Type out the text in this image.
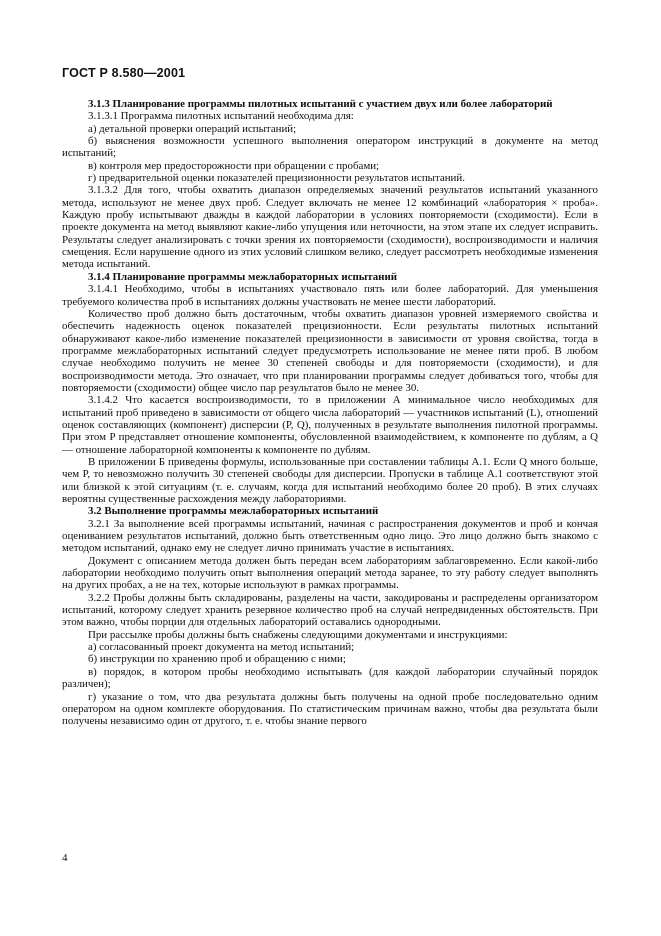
ГОСТ Р 8.580—2001

3.1.3 Планирование программы пилотных испытаний с участием двух или более лабораторий

3.1.3.1 Программа пилотных испытаний необходима для:

а) детальной проверки операций испытаний;

б) выяснения возможности успешного выполнения оператором инструкций в документе на метод испытаний;

в) контроля мер предосторожности при обращении с пробами;

г) предварительной оценки показателей прецизионности результатов испытаний.

3.1.3.2 Для того, чтобы охватить диапазон определяемых значений результатов испытаний указанного метода, используют не менее двух проб. Следует включать не менее 12 комбинаций «лаборатория × проба». Каждую пробу испытывают дважды в каждой лаборатории в условиях повторяемости (сходимости). Если в проекте документа на метод выявляют какие-либо упущения или неточности, на этом этапе их следует исправить. Результаты следует анализировать с точки зрения их повторяемости (сходимости), воспроизводимости и наличия смещения. Если нарушение одного из этих условий слишком велико, следует рассмотреть необходимые изменения метода испытаний.

3.1.4 Планирование программы межлабораторных испытаний

3.1.4.1 Необходимо, чтобы в испытаниях участвовало пять или более лабораторий. Для уменьшения требуемого количества проб в испытаниях должны участвовать не менее шести лабораторий.

Количество проб должно быть достаточным, чтобы охватить диапазон уровней измеряемого свойства и обеспечить надежность оценок показателей прецизионности. Если результаты пилотных испытаний обнаруживают какое-либо изменение показателей прецизионности в зависимости от уровня свойства, тогда в программе межлабораторных испытаний следует предусмотреть использование не менее пяти проб. В любом случае необходимо получить не менее 30 степеней свободы и для повторяемости (сходимости), и для воспроизводимости метода. Это означает, что при планировании программы следует добиваться того, чтобы для повторяемости (сходимости) общее число пар результатов было не менее 30.

3.1.4.2 Что касается воспроизводимости, то в приложении А минимальное число необходимых для испытаний проб приведено в зависимости от общего числа лабораторий — участников испытаний (L), отношений оценок составляющих (компонент) дисперсии (P, Q), полученных в результате выполнения пилотной программы. При этом P представляет отношение компоненты, обусловленной взаимодействием, к компоненте по дублям, а Q — отношение лабораторной компоненты к компоненте по дублям.

В приложении Б приведены формулы, использованные при составлении таблицы А.1. Если Q много больше, чем P, то невозможно получить 30 степеней свободы для дисперсии. Пропуски в таблице А.1 соответствуют этой или близкой к этой ситуациям (т. е. случаям, когда для испытаний необходимо более 20 проб). В этих случаях вероятны существенные расхождения между лабораториями.

3.2 Выполнение программы межлабораторных испытаний

3.2.1 За выполнение всей программы испытаний, начиная с распространения документов и проб и кончая оцениванием результатов испытаний, должно быть ответственным одно лицо. Это лицо должно быть знакомо с методом испытаний, однако ему не следует лично принимать участие в испытаниях.

Документ с описанием метода должен быть передан всем лабораториям заблаговременно. Если какой-либо лаборатории необходимо получить опыт выполнения операций метода заранее, то эту работу следует выполнять на других пробах, а не на тех, которые используют в рамках программы.

3.2.2 Пробы должны быть складированы, разделены на части, закодированы и распределены организатором испытаний, которому следует хранить резервное количество проб на случай непредвиденных обстоятельств. При этом важно, чтобы порции для отдельных лабораторий оставались однородными.

При рассылке пробы должны быть снабжены следующими документами и инструкциями:

а) согласованный проект документа на метод испытаний;

б) инструкции по хранению проб и обращению с ними;

в) порядок, в котором пробы необходимо испытывать (для каждой лаборатории случайный порядок различен);

г) указание о том, что два результата должны быть получены на одной пробе последовательно одним оператором на одном комплекте оборудования. По статистическим причинам важно, чтобы два результата были получены независимо один от другого, т. е. чтобы знание первого

4
